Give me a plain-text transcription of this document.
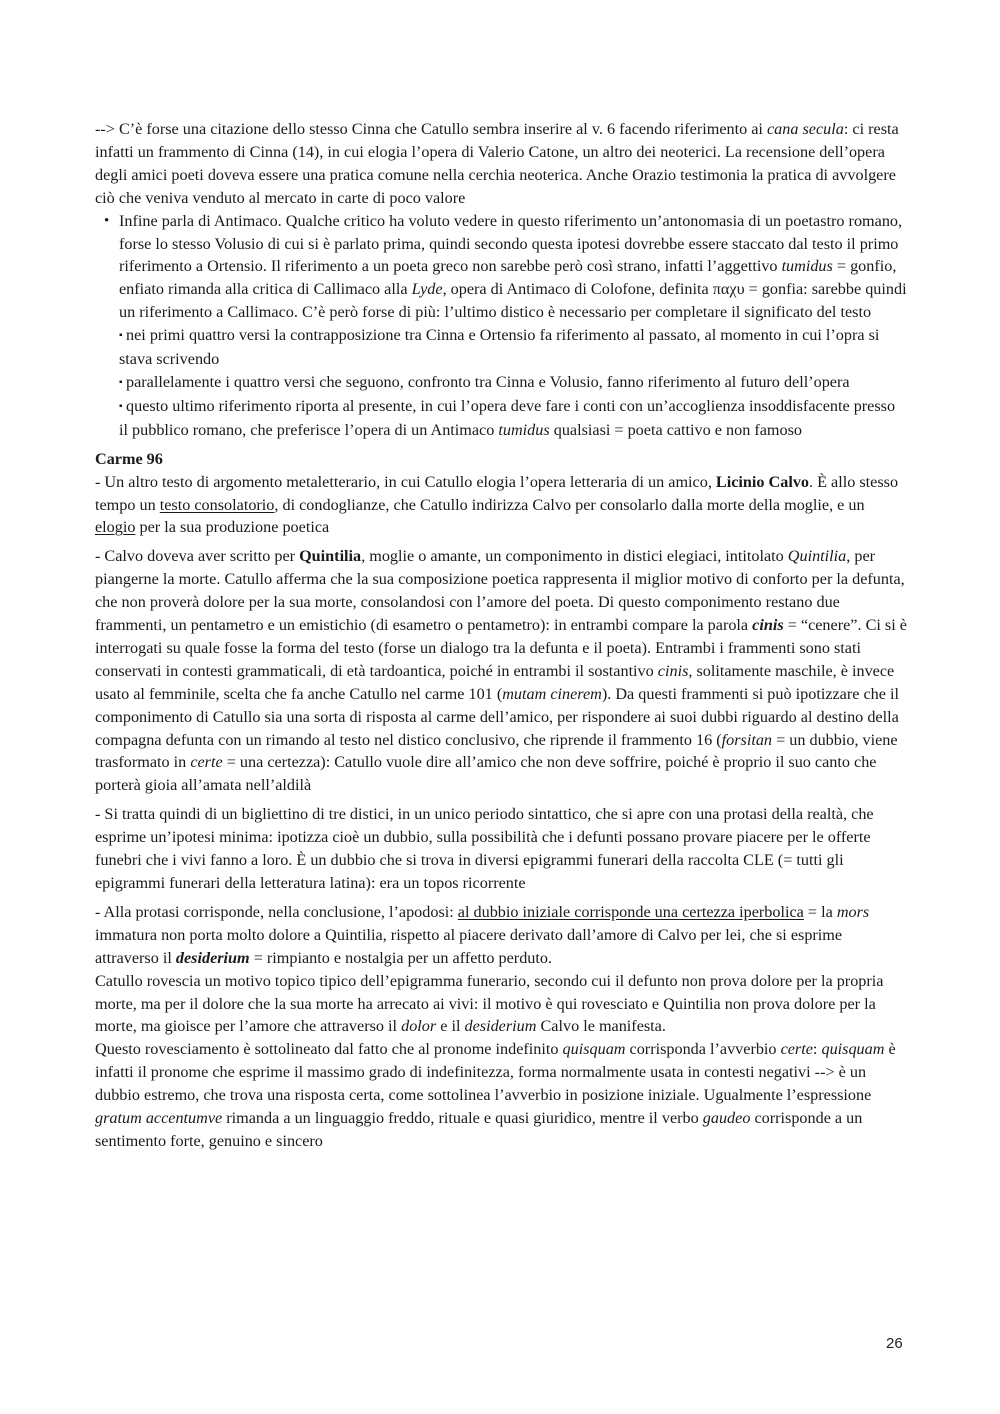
--> C’è forse una citazione dello stesso Cinna che Catullo sembra inserire al v. 6 facendo riferimento ai cana secula: ci resta infatti un frammento di Cinna (14), in cui elogia l’opera di Valerio Catone, un altro dei neoterici. La recensione dell’opera degli amici poeti doveva essere una pratica comune nella cerchia neoterica. Anche Orazio testimonia la pratica di avvolgere ciò che veniva venduto al mercato in carte di poco valore

• Infine parla di Antimaco. Qualche critico ha voluto vedere in questo riferimento un’antonomasia di un poetastro romano, forse lo stesso Volusio di cui si è parlato prima, quindi secondo questa ipotesi dovrebbe essere staccato dal testo il primo riferimento a Ortensio. Il riferimento a un poeta greco non sarebbe però così strano, infatti l’aggettivo tumidus = gonfio, enfiato rimanda alla critica di Callimaco alla Lyde, opera di Antimaco di Colofone, definita παχυ = gonfia: sarebbe quindi un riferimento a Callimaco. C’è però forse di più: l’ultimo distico è necessario per completare il significato del testo
▪ nei primi quattro versi la contrapposizione tra Cinna e Ortensio fa riferimento al passato, al momento in cui l’opra si stava scrivendo
▪ parallelamente i quattro versi che seguono, confronto tra Cinna e Volusio, fanno riferimento al futuro dell’opera
▪ questo ultimo riferimento riporta al presente, in cui l’opera deve fare i conti con un’accoglienza insoddisfacente presso il pubblico romano, che preferisce l’opera di un Antimaco tumidus qualsiasi = poeta cattivo e non famoso

Carme 96

- Un altro testo di argomento metaletterario, in cui Catullo elogia l’opera letteraria di un amico, Licinio Calvo. È allo stesso tempo un testo consolatorio, di condoglianze, che Catullo indirizza Calvo per consolarlo dalla morte della moglie, e un elogio per la sua produzione poetica

- Calvo doveva aver scritto per Quintilia, moglie o amante, un componimento in distici elegiaci, intitolato Quintilia, per piangerne la morte. Catullo afferma che la sua composizione poetica rappresenta il miglior motivo di conforto per la defunta, che non proverà dolore per la sua morte, consolandosi con l’amore del poeta. Di questo componimento restano due frammenti, un pentametro e un emistichio (di esametro o pentametro): in entrambi compare la parola cinis = “cenere”. Ci si è interrogati su quale fosse la forma del testo (forse un dialogo tra la defunta e il poeta). Entrambi i frammenti sono stati conservati in contesti grammaticali, di età tardoantica, poiché in entrambi il sostantivo cinis, solitamente maschile, è invece usato al femminile, scelta che fa anche Catullo nel carme 101 (mutam cinerem). Da questi frammenti si può ipotizzare che il componimento di Catullo sia una sorta di risposta al carme dell’amico, per rispondere ai suoi dubbi riguardo al destino della compagna defunta con un rimando al testo nel distico conclusivo, che riprende il frammento 16 (forsitan = un dubbio, viene trasformato in certe = una certezza): Catullo vuole dire all’amico che non deve soffrire, poiché è proprio il suo canto che porterà gioia all’amata nell’aldilà

- Si tratta quindi di un bigliettino di tre distici, in un unico periodo sintattico, che si apre con una protasi della realtà, che esprime un’ipotesi minima: ipotizza cioè un dubbio, sulla possibilità che i defunti possano provare piacere per le offerte funebri che i vivi fanno a loro. È un dubbio che si trova in diversi epigrammi funerari della raccolta CLE (= tutti gli epigrammi funerari della letteratura latina): era un topos ricorrente

- Alla protasi corrisponde, nella conclusione, l’apodosi: al dubbio iniziale corrisponde una certezza iperbolica = la mors immatura non porta molto dolore a Quintilia, rispetto al piacere derivato dall’amore di Calvo per lei, che si esprime attraverso il desiderium = rimpianto e nostalgia per un affetto perduto.

Catullo rovescia un motivo topico tipico dell’epigramma funerario, secondo cui il defunto non prova dolore per la propria morte, ma per il dolore che la sua morte ha arrecato ai vivi: il motivo è qui rovesciato e Quintilia non prova dolore per la morte, ma gioisce per l’amore che attraverso il dolor e il desiderium Calvo le manifesta.

Questo rovesciamento è sottolineato dal fatto che al pronome indefinito quisquam corrisponda l’avverbio certe: quisquam è infatti il pronome che esprime il massimo grado di indefinitezza, forma normalmente usata in contesti negativi --> è un dubbio estremo, che trova una risposta certa, come sottolinea l’avverbio in posizione iniziale. Ugualmente l’espressione gratum accentumve rimanda a un linguaggio freddo, rituale e quasi giuridico, mentre il verbo gaudeo corrisponde a un sentimento forte, genuino e sincero

26
